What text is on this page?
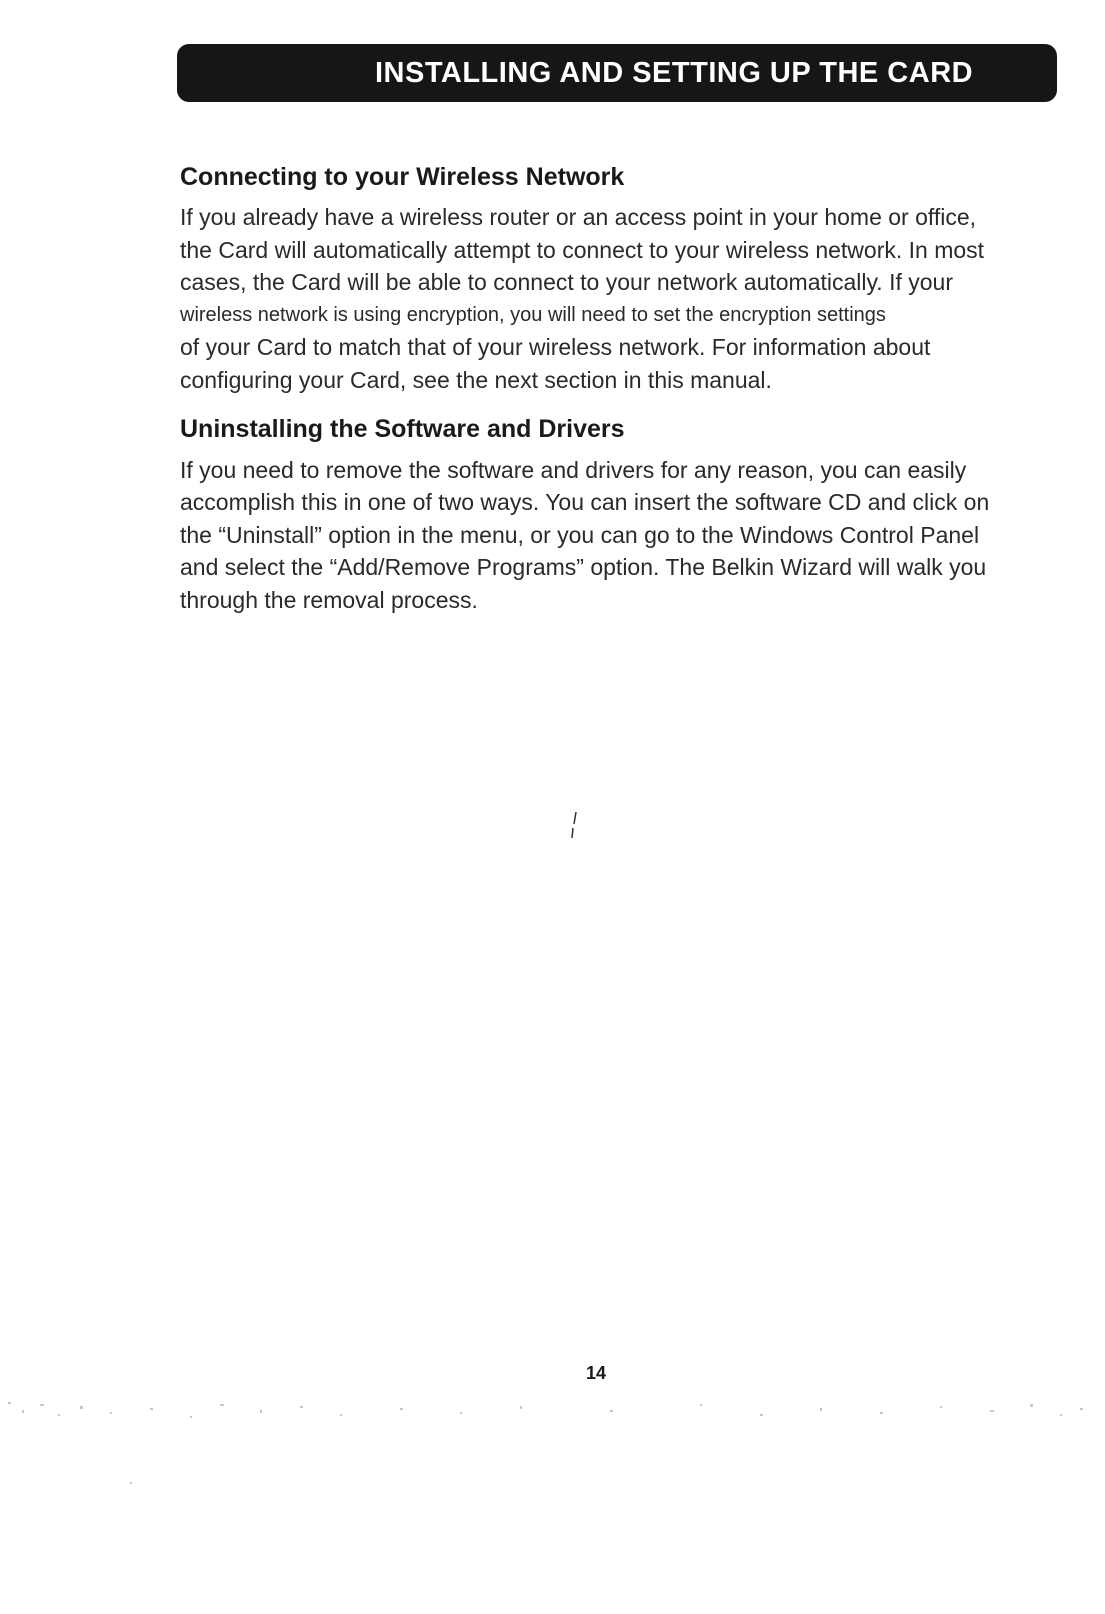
INSTALLING AND SETTING UP THE CARD
Connecting to your Wireless Network

If you already have a wireless router or an access point in your home or office,
the Card will automatically attempt to connect to your wireless network. In most
cases, the Card will be able to connect to your network automatically. If your
wireless network is using encryption, you will need to set the encryption settings
of your Card to match that of your wireless network. For information about
configuring your Card, see the next section in this manual.

Uninstalling the Software and Drivers

If you need to remove the software and drivers for any reason, you can easily
accomplish this in one of two ways. You can insert the software CD and click on
the “Uninstall” option in the menu, or you can go to the Windows Control Panel
and select the “Add/Remove Programs” option. The Belkin Wizard will walk you
through the removal process.

14
